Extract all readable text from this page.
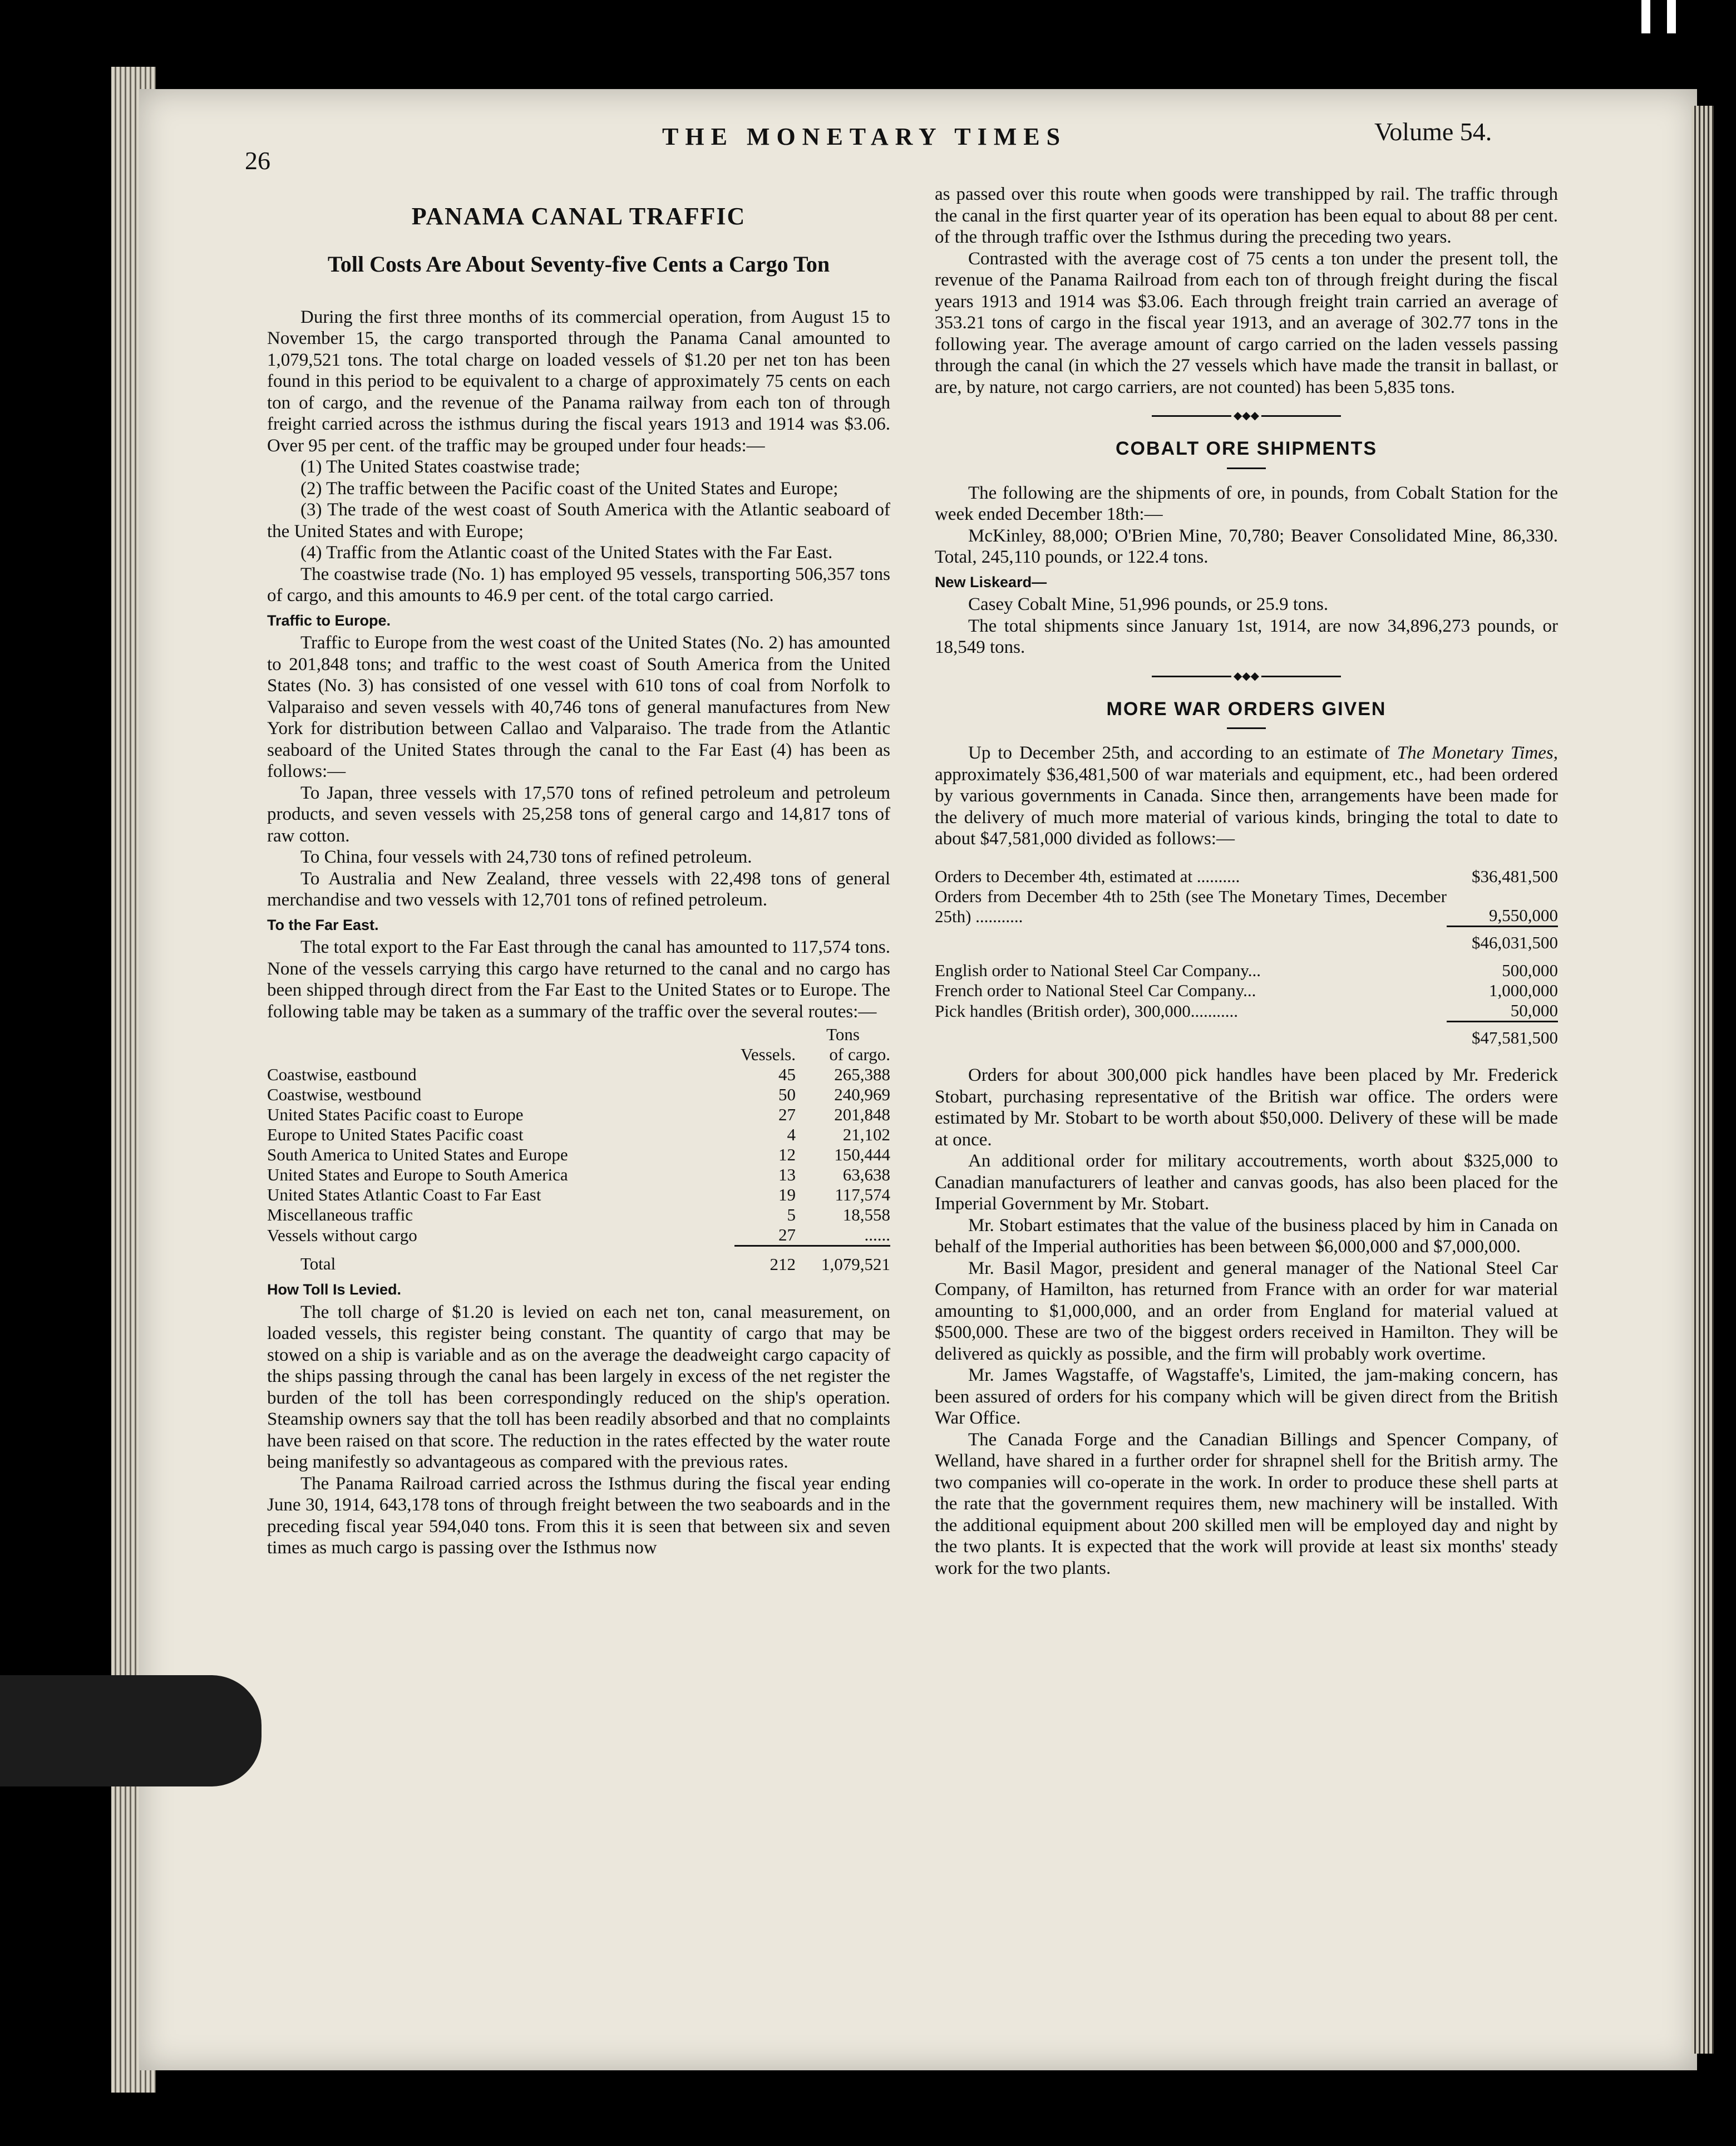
26
THE MONETARY TIMES	Volume 54.
PANAMA CANAL TRAFFIC
Toll Costs Are About Seventy-five Cents a Cargo Ton

During the first three months of its commercial operation, from August 15 to November 15, the cargo transported through the Panama Canal amounted to 1,079,521 tons. The total charge on loaded vessels of $1.20 per net ton has been found in this period to be equivalent to a charge of approximately 75 cents on each ton of cargo, and the revenue of the Panama railway from each ton of through freight carried across the isthmus during the fiscal years 1913 and 1914 was $3.06. Over 95 per cent. of the traffic may be grouped under four heads:—

(1) The United States coastwise trade;
(2) The traffic between the Pacific coast of the United States and Europe;
(3) The trade of the west coast of South America with the Atlantic seaboard of the United States and with Europe;
(4) Traffic from the Atlantic coast of the United States with the Far East.

The coastwise trade (No. 1) has employed 95 vessels, transporting 506,357 tons of cargo, and this amounts to 46.9 per cent. of the total cargo carried.

Traffic to Europe.

Traffic to Europe from the west coast of the United States (No. 2) has amounted to 201,848 tons; and traffic to the west coast of South America from the United States (No. 3) has consisted of one vessel with 610 tons of coal from Norfolk to Valparaiso and seven vessels with 40,746 tons of general manufactures from New York for distribution between Callao and Valparaiso. The trade from the Atlantic seaboard of the United States through the canal to the Far East (4) has been as follows:—

To Japan, three vessels with 17,570 tons of refined petroleum and petroleum products, and seven vessels with 25,258 tons of general cargo and 14,817 tons of raw cotton.

To China, four vessels with 24,730 tons of refined petroleum.

To Australia and New Zealand, three vessels with 22,498 tons of general merchandise and two vessels with 12,701 tons of refined petroleum.

To the Far East.

The total export to the Far East through the canal has amounted to 117,574 tons. None of the vessels carrying this cargo have returned to the canal and no cargo has been shipped through direct from the Far East to the United States or to Europe. The following table may be taken as a summary of the traffic over the several routes:—

		Tons
	Vessels.	of cargo.
Coastwise, eastbound	45	265,388
Coastwise, westbound	50	240,969
United States Pacific coast to Europe	27	201,848
Europe to United States Pacific coast	4	21,102
South America to United States and Europe	12	150,444
United States and Europe to South America	13	63,638
United States Atlantic Coast to Far East	19	117,574
Miscellaneous traffic	5	18,558
Vessels without cargo	27	......
Total	212	1,079,521
How Toll Is Levied.

The toll charge of $1.20 is levied on each net ton, canal measurement, on loaded vessels, this register being constant. The quantity of cargo that may be stowed on a ship is variable and as on the average the deadweight cargo capacity of the ships passing through the canal has been largely in excess of the net register the burden of the toll has been correspondingly reduced on the ship's operation. Steamship owners say that the toll has been readily absorbed and that no complaints have been raised on that score. The reduction in the rates effected by the water route being manifestly so advantageous as compared with the previous rates.

The Panama Railroad carried across the Isthmus during the fiscal year ending June 30, 1914, 643,178 tons of through freight between the two seaboards and in the preceding fiscal year 594,040 tons. From this it is seen that between six and seven times as much cargo is passing over the Isthmus now

as passed over this route when goods were transhipped by rail. The traffic through the canal in the first quarter year of its operation has been equal to about 88 per cent. of the through traffic over the Isthmus during the preceding two years.

Contrasted with the average cost of 75 cents a ton under the present toll, the revenue of the Panama Railroad from each ton of through freight during the fiscal years 1913 and 1914 was $3.06. Each through freight train carried an average of 353.21 tons of cargo in the fiscal year 1913, and an average of 302.77 tons in the following year. The average amount of cargo carried on the laden vessels passing through the canal (in which the 27 vessels which have made the transit in ballast, or are, by nature, not cargo carriers, are not counted) has been 5,835 tons.

◆◆◆
COBALT ORE SHIPMENTS

The following are the shipments of ore, in pounds, from Cobalt Station for the week ended December 18th:—

McKinley, 88,000; O'Brien Mine, 70,780; Beaver Consolidated Mine, 86,330. Total, 245,110 pounds, or 122.4 tons.

New Liskeard—

Casey Cobalt Mine, 51,996 pounds, or 25.9 tons.

The total shipments since January 1st, 1914, are now 34,896,273 pounds, or 18,549 tons.

◆◆◆
MORE WAR ORDERS GIVEN

Up to December 25th, and according to an estimate of The Monetary Times, approximately $36,481,500 of war materials and equipment, etc., had been ordered by various governments in Canada. Since then, arrangements have been made for the delivery of much more material of various kinds, bringing the total to date to about $47,581,000 divided as follows:—

Orders to December 4th, estimated at ..........	$36,481,500
Orders from December 4th to 25th (see The Monetary Times, December 25th) ...........	9,550,000
	$46,031,500

English order to National Steel Car Company...	500,000
French order to National Steel Car Company...	1,000,000
Pick handles (British order), 300,000...........	50,000
	$47,581,500

Orders for about 300,000 pick handles have been placed by Mr. Frederick Stobart, purchasing representative of the British war office. The orders were estimated by Mr. Stobart to be worth about $50,000. Delivery of these will be made at once.

An additional order for military accoutrements, worth about $325,000 to Canadian manufacturers of leather and canvas goods, has also been placed for the Imperial Government by Mr. Stobart.

Mr. Stobart estimates that the value of the business placed by him in Canada on behalf of the Imperial authorities has been between $6,000,000 and $7,000,000.

Mr. Basil Magor, president and general manager of the National Steel Car Company, of Hamilton, has returned from France with an order for war material amounting to $1,000,000, and an order from England for material valued at $500,000. These are two of the biggest orders received in Hamilton. They will be delivered as quickly as possible, and the firm will probably work overtime.

Mr. James Wagstaffe, of Wagstaffe's, Limited, the jam-making concern, has been assured of orders for his company which will be given direct from the British War Office.

The Canada Forge and the Canadian Billings and Spencer Company, of Welland, have shared in a further order for shrapnel shell for the British army. The two companies will co-operate in the work. In order to produce these shell parts at the rate that the government requires them, new machinery will be installed. With the additional equipment about 200 skilled men will be employed day and night by the two plants. It is expected that the work will provide at least six months' steady work for the two plants.
